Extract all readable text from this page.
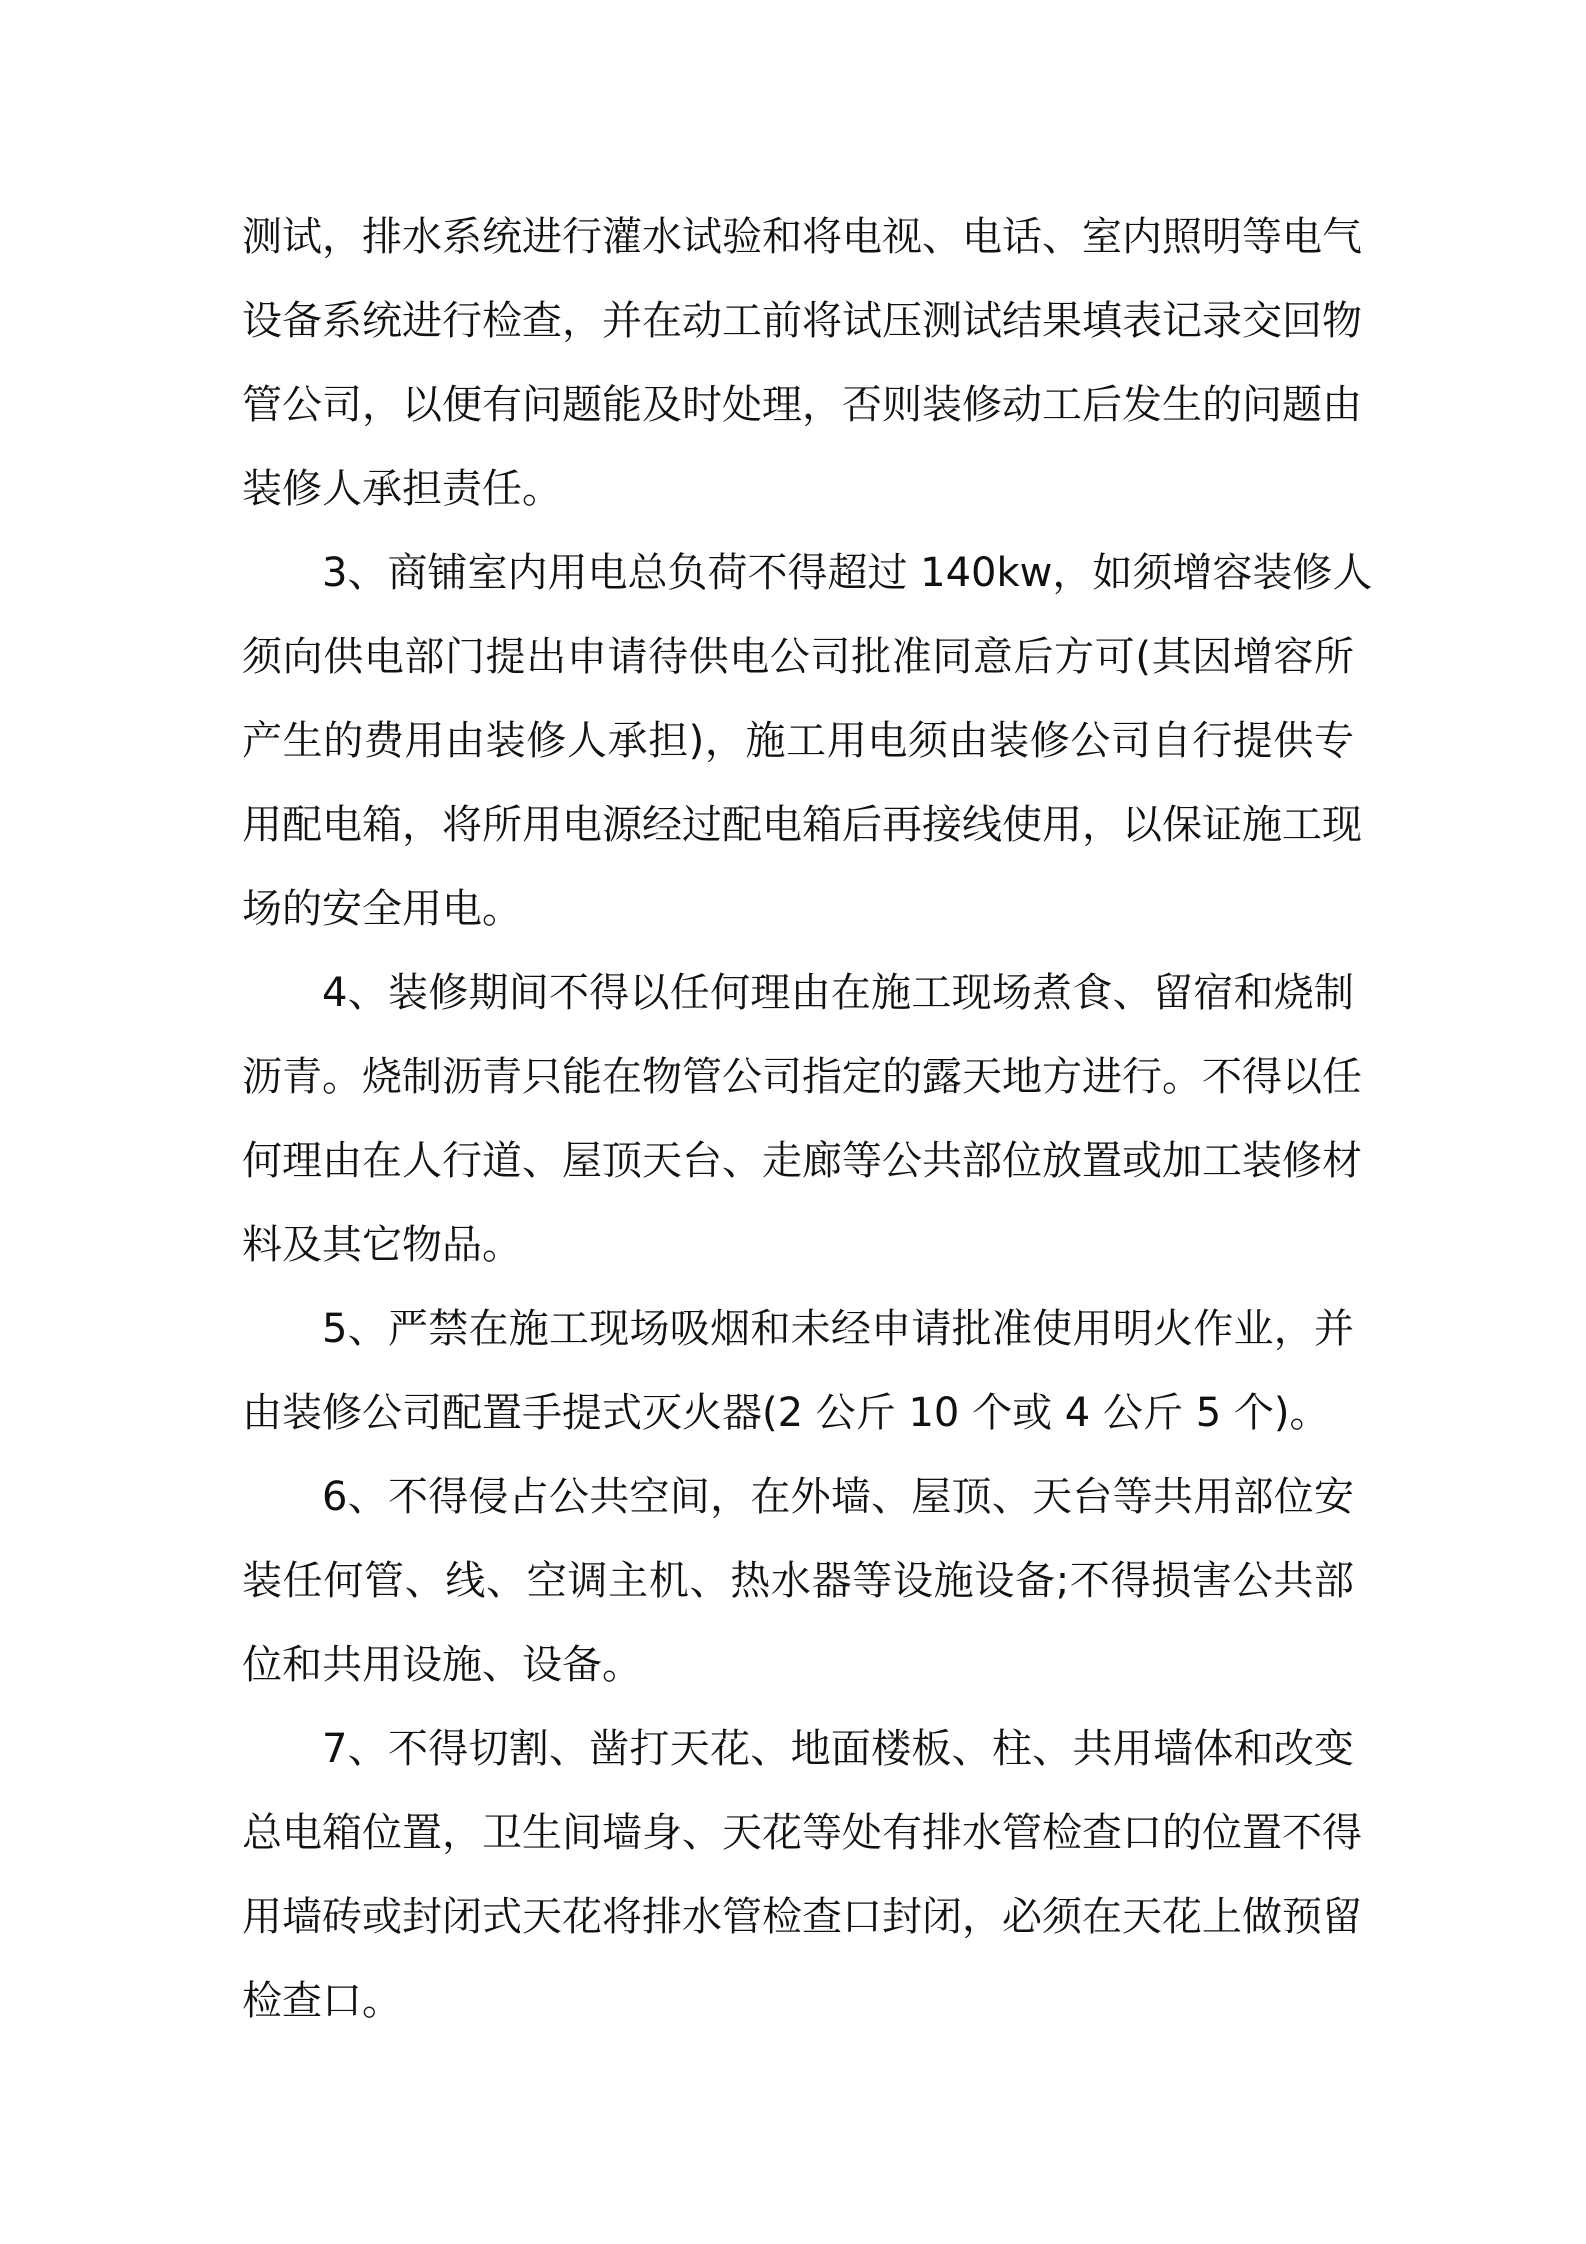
测试，排水系统进行灌水试验和将电视、电话、室内照明等电气
设备系统进行检查，并在动工前将试压测试结果填表记录交回物
管公司，以便有问题能及时处理，否则装修动工后发生的问题由
装修人承担责任。
3、商铺室内用电总负荷不得超过 140kw，如须增容装修人
须向供电部门提出申请待供电公司批准同意后方可(其因增容所
产生的费用由装修人承担)，施工用电须由装修公司自行提供专
用配电箱，将所用电源经过配电箱后再接线使用，以保证施工现
场的安全用电。
4、装修期间不得以任何理由在施工现场煮食、留宿和烧制
沥青。烧制沥青只能在物管公司指定的露天地方进行。不得以任
何理由在人行道、屋顶天台、走廊等公共部位放置或加工装修材
料及其它物品。
5、严禁在施工现场吸烟和未经申请批准使用明火作业，并
由装修公司配置手提式灭火器(2 公斤 10 个或 4 公斤 5 个)。
6、不得侵占公共空间，在外墙、屋顶、天台等共用部位安
装任何管、线、空调主机、热水器等设施设备;不得损害公共部
位和共用设施、设备。
7、不得切割、凿打天花、地面楼板、柱、共用墙体和改变
总电箱位置，卫生间墙身、天花等处有排水管检查口的位置不得
用墙砖或封闭式天花将排水管检查口封闭，必须在天花上做预留
检查口。
